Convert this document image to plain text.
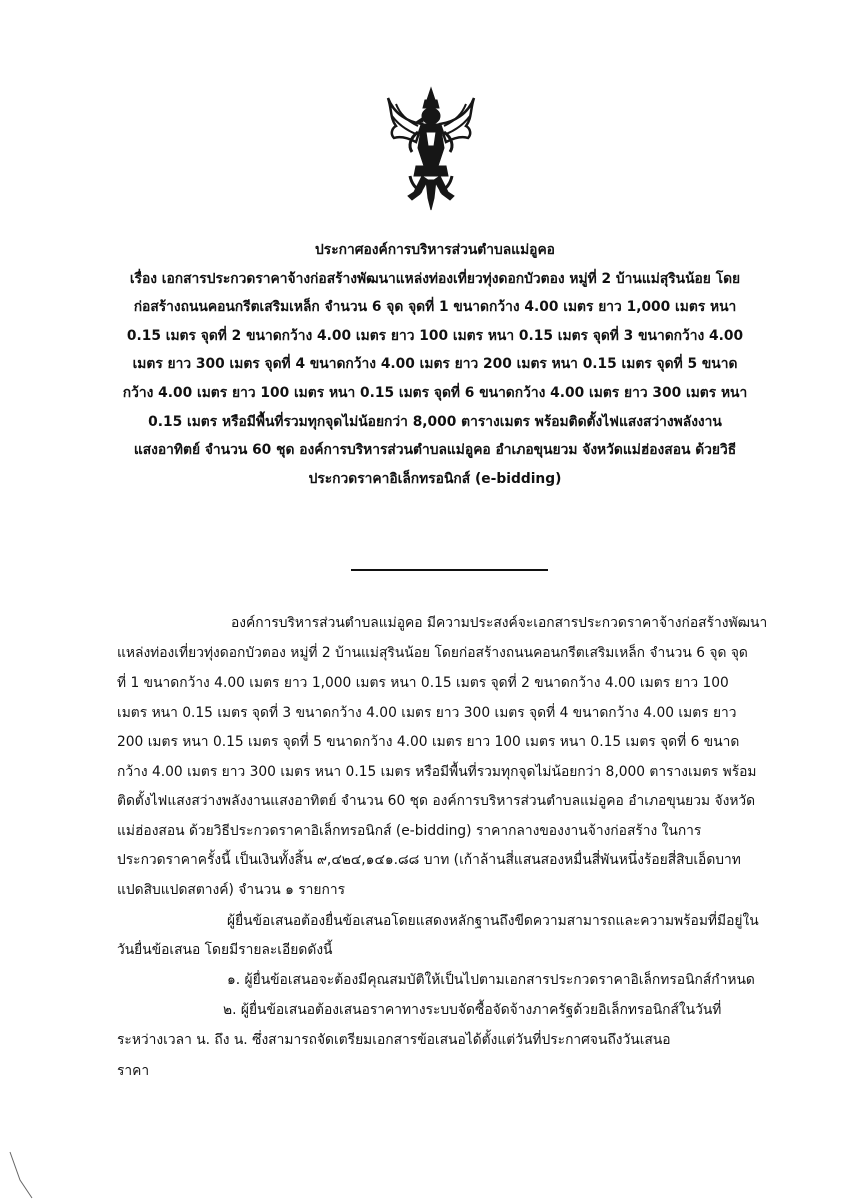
ประกาศองค์การบริหารส่วนตำบลแม่อูคอ
เรื่อง เอกสารประกวดราคาจ้างก่อสร้างพัฒนาแหล่งท่องเที่ยวทุ่งดอกบัวตอง หมู่ที่ 2 บ้านแม่สุรินน้อย โดย
ก่อสร้างถนนคอนกรีตเสริมเหล็ก จำนวน 6 จุด จุดที่ 1 ขนาดกว้าง 4.00 เมตร ยาว 1,000 เมตร หนา
0.15 เมตร จุดที่ 2 ขนาดกว้าง 4.00 เมตร ยาว 100 เมตร หนา 0.15 เมตร จุดที่ 3 ขนาดกว้าง 4.00
เมตร ยาว 300 เมตร จุดที่ 4 ขนาดกว้าง 4.00 เมตร ยาว 200 เมตร หนา 0.15 เมตร จุดที่ 5 ขนาด
กว้าง 4.00 เมตร ยาว 100 เมตร หนา 0.15 เมตร จุดที่ 6 ขนาดกว้าง 4.00 เมตร ยาว 300 เมตร หนา
0.15 เมตร หรือมีพื้นที่รวมทุกจุดไม่น้อยกว่า 8,000 ตารางเมตร พร้อมติดตั้งไฟแสงสว่างพลังงาน
แสงอาทิตย์ จำนวน 60 ชุด องค์การบริหารส่วนตำบลแม่อูคอ อำเภอขุนยวม จังหวัดแม่ฮ่องสอน ด้วยวิธี
ประกวดราคาอิเล็กทรอนิกส์ (e-bidding)
องค์การบริหารส่วนตำบลแม่อูคอ มีความประสงค์จะเอกสารประกวดราคาจ้างก่อสร้างพัฒนา
แหล่งท่องเที่ยวทุ่งดอกบัวตอง หมู่ที่ 2 บ้านแม่สุรินน้อย โดยก่อสร้างถนนคอนกรีตเสริมเหล็ก จำนวน 6 จุด จุด
ที่ 1 ขนาดกว้าง 4.00 เมตร ยาว 1,000 เมตร หนา 0.15 เมตร จุดที่ 2 ขนาดกว้าง 4.00 เมตร ยาว 100
เมตร หนา 0.15 เมตร จุดที่ 3 ขนาดกว้าง 4.00 เมตร ยาว 300 เมตร จุดที่ 4 ขนาดกว้าง 4.00 เมตร ยาว
200 เมตร หนา 0.15 เมตร จุดที่ 5 ขนาดกว้าง 4.00 เมตร ยาว 100 เมตร หนา 0.15 เมตร จุดที่ 6 ขนาด
กว้าง 4.00 เมตร ยาว 300 เมตร หนา 0.15 เมตร หรือมีพื้นที่รวมทุกจุดไม่น้อยกว่า 8,000 ตารางเมตร พร้อม
ติดตั้งไฟแสงสว่างพลังงานแสงอาทิตย์ จำนวน 60 ชุด องค์การบริหารส่วนตำบลแม่อูคอ อำเภอขุนยวม จังหวัด
แม่ฮ่องสอน ด้วยวิธีประกวดราคาอิเล็กทรอนิกส์ (e-bidding) ราคากลางของงานจ้างก่อสร้าง ในการ
ประกวดราคาครั้งนี้ เป็นเงินทั้งสิ้น ๙,๔๒๔,๑๔๑.๘๘ บาท (เก้าล้านสี่แสนสองหมื่นสี่พันหนึ่งร้อยสี่สิบเอ็ดบาท
แปดสิบแปดสตางค์) จำนวน ๑ รายการ
ผู้ยื่นข้อเสนอต้องยื่นข้อเสนอโดยแสดงหลักฐานถึงขีดความสามารถและความพร้อมที่มีอยู่ใน
วันยื่นข้อเสนอ โดยมีรายละเอียดดังนี้
๑. ผู้ยื่นข้อเสนอจะต้องมีคุณสมบัติให้เป็นไปตามเอกสารประกวดราคาอิเล็กทรอนิกส์กำหนด
๒. ผู้ยื่นข้อเสนอต้องเสนอราคาทางระบบจัดซื้อจัดจ้างภาครัฐด้วยอิเล็กทรอนิกส์ในวันที่
ระหว่างเวลา น. ถึง น. ซึ่งสามารถจัดเตรียมเอกสารข้อเสนอได้ตั้งแต่วันที่ประกาศจนถึงวันเสนอ
ราคา
